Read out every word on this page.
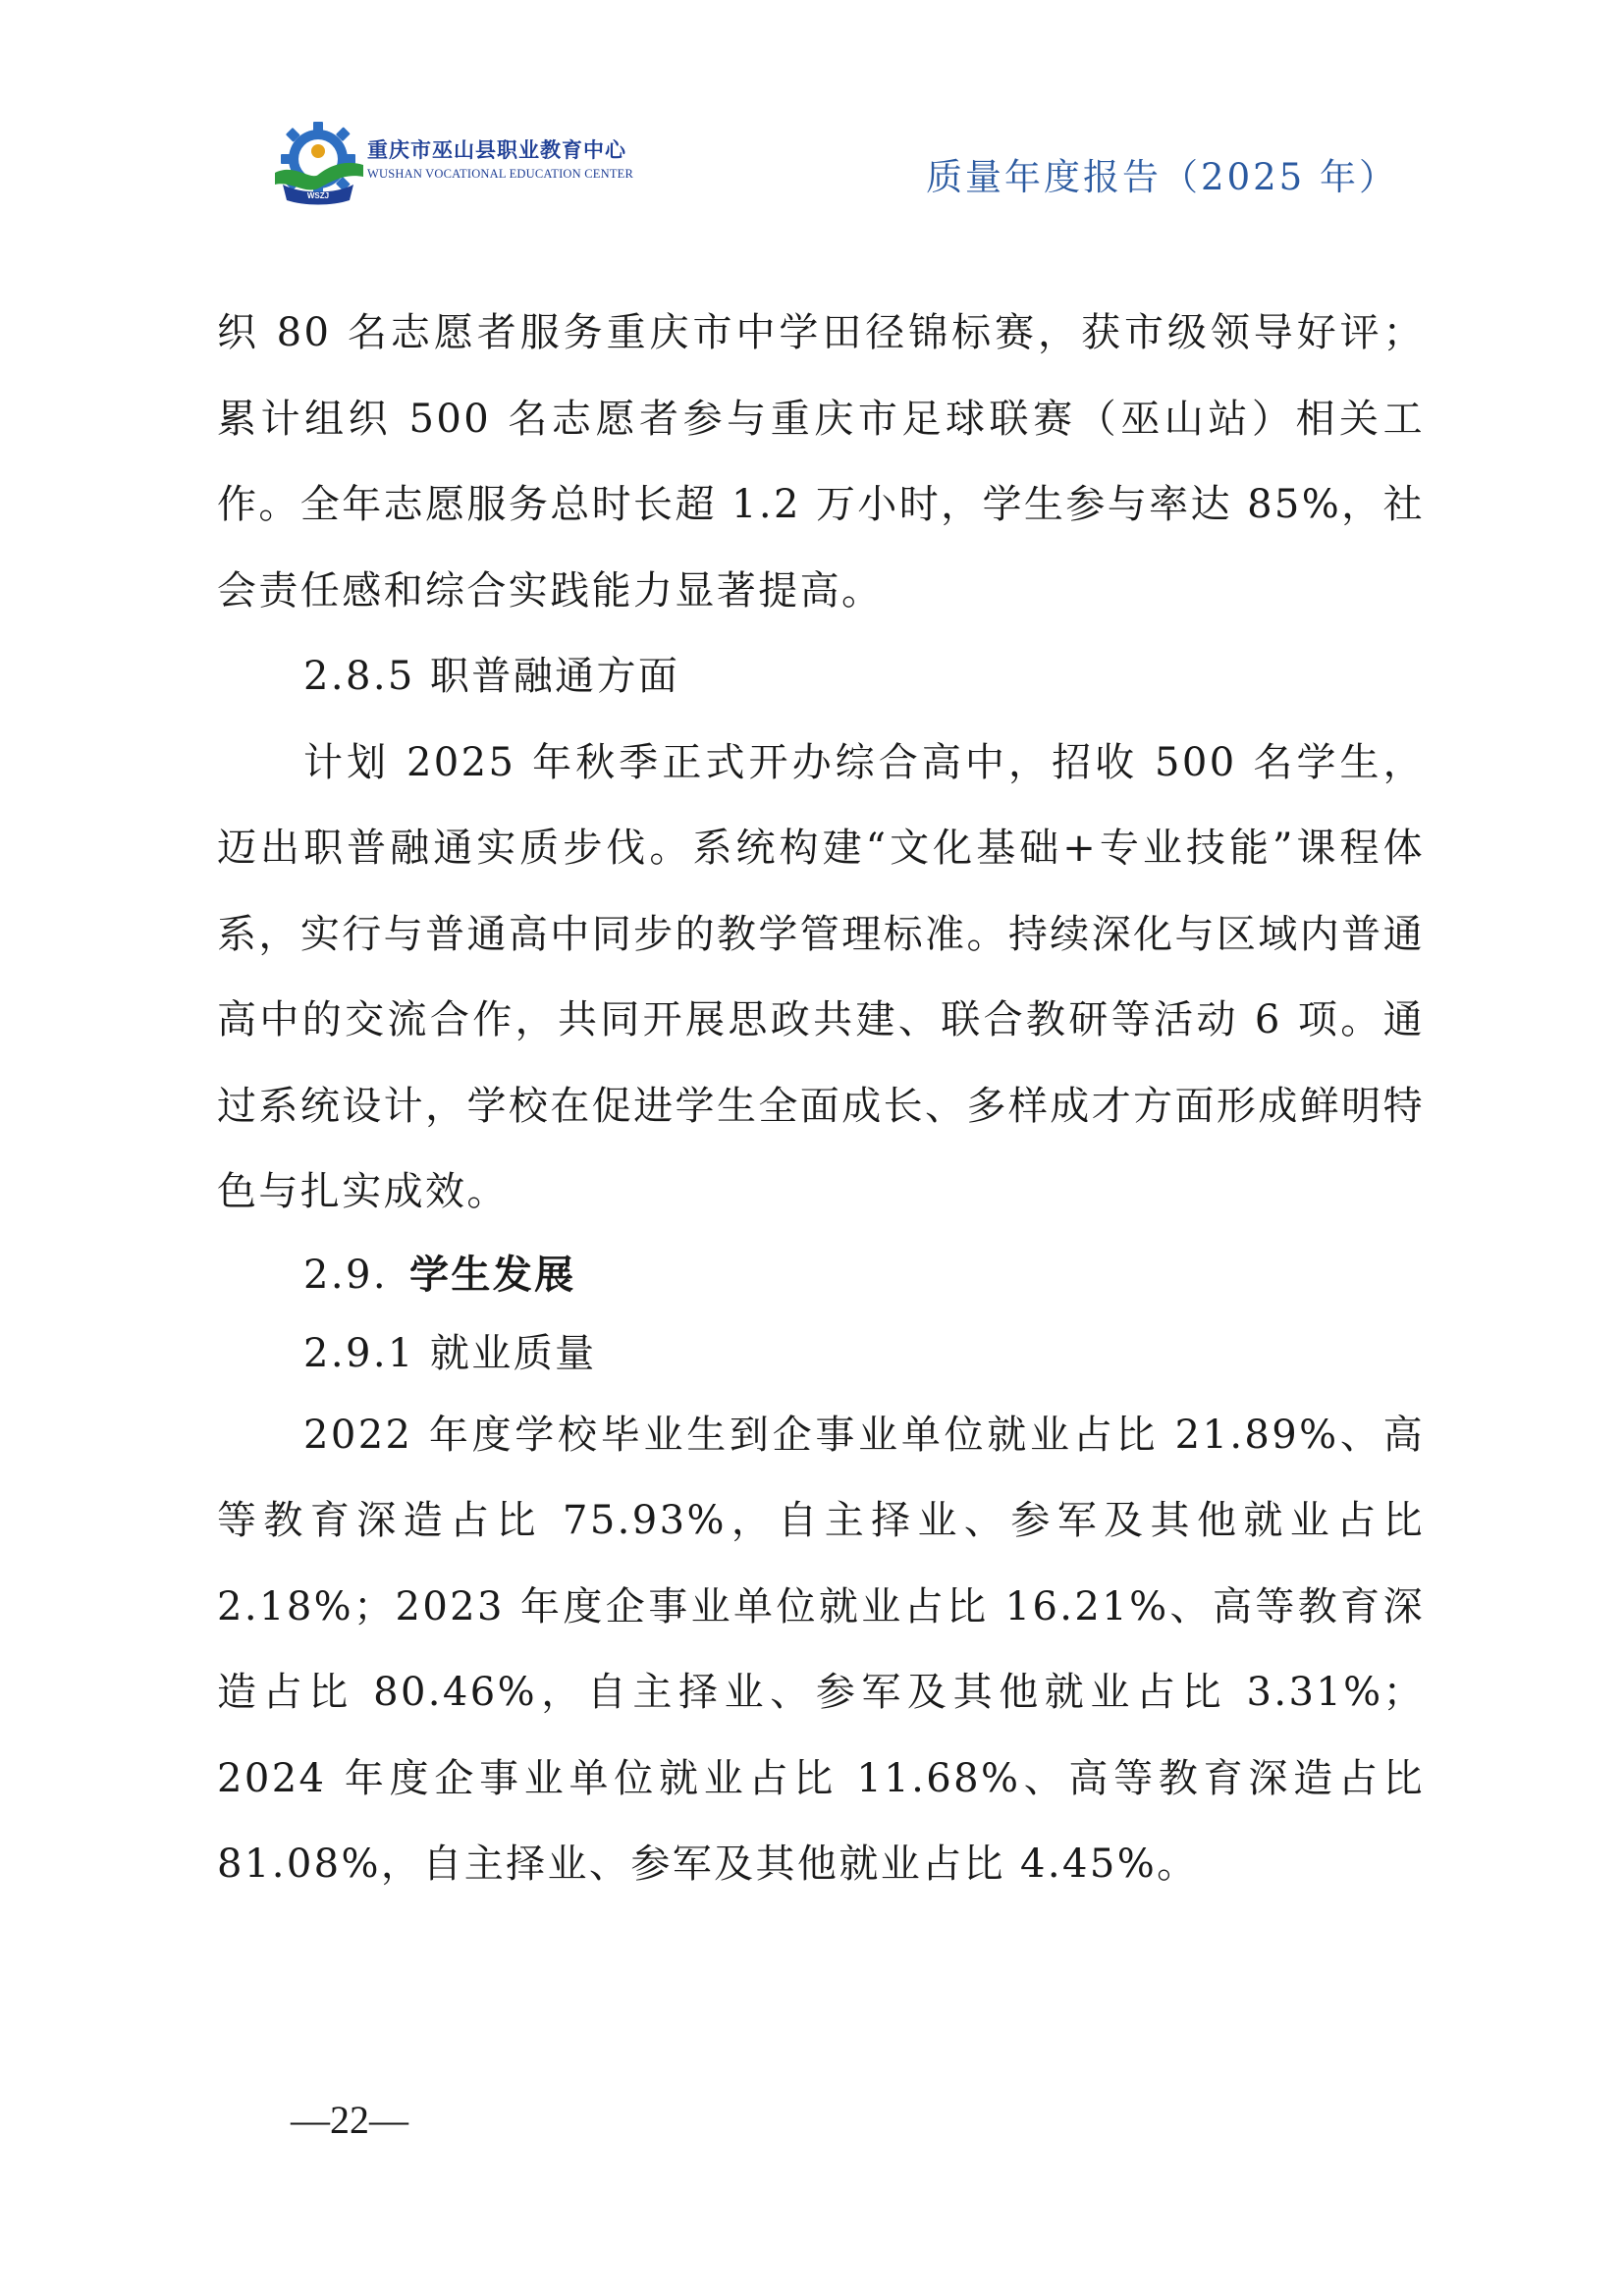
WSZJ
重庆市巫山县职业教育中心
WUSHAN VOCATIONAL EDUCATION CENTER	质量年度报告（2025 年）

织 80 名志愿者服务重庆市中学田径锦标赛，获市级领导好评；累计组织 500 名志愿者参与重庆市足球联赛（巫山站）相关工作。全年志愿服务总时长超 1.2 万小时，学生参与率达 85%，社会责任感和综合实践能力显著提高。

2.8.5 职普融通方面

计划 2025 年秋季正式开办综合高中，招收 500 名学生，迈出职普融通实质步伐。系统构建“文化基础+专业技能”课程体系，实行与普通高中同步的教学管理标准。持续深化与区域内普通高中的交流合作，共同开展思政共建、联合教研等活动 6 项。通过系统设计，学校在促进学生全面成长、多样成才方面形成鲜明特色与扎实成效。

2.9. 学生发展

2.9.1 就业质量

2022 年度学校毕业生到企事业单位就业占比 21.89%、高等教育深造占比 75.93%，自主择业、参军及其他就业占比 2.18%；2023 年度企事业单位就业占比 16.21%、高等教育深造占比 80.46%，自主择业、参军及其他就业占比 3.31%；2024 年度企事业单位就业占比 11.68%、高等教育深造占比 81.08%，自主择业、参军及其他就业占比 4.45%。

—22—
